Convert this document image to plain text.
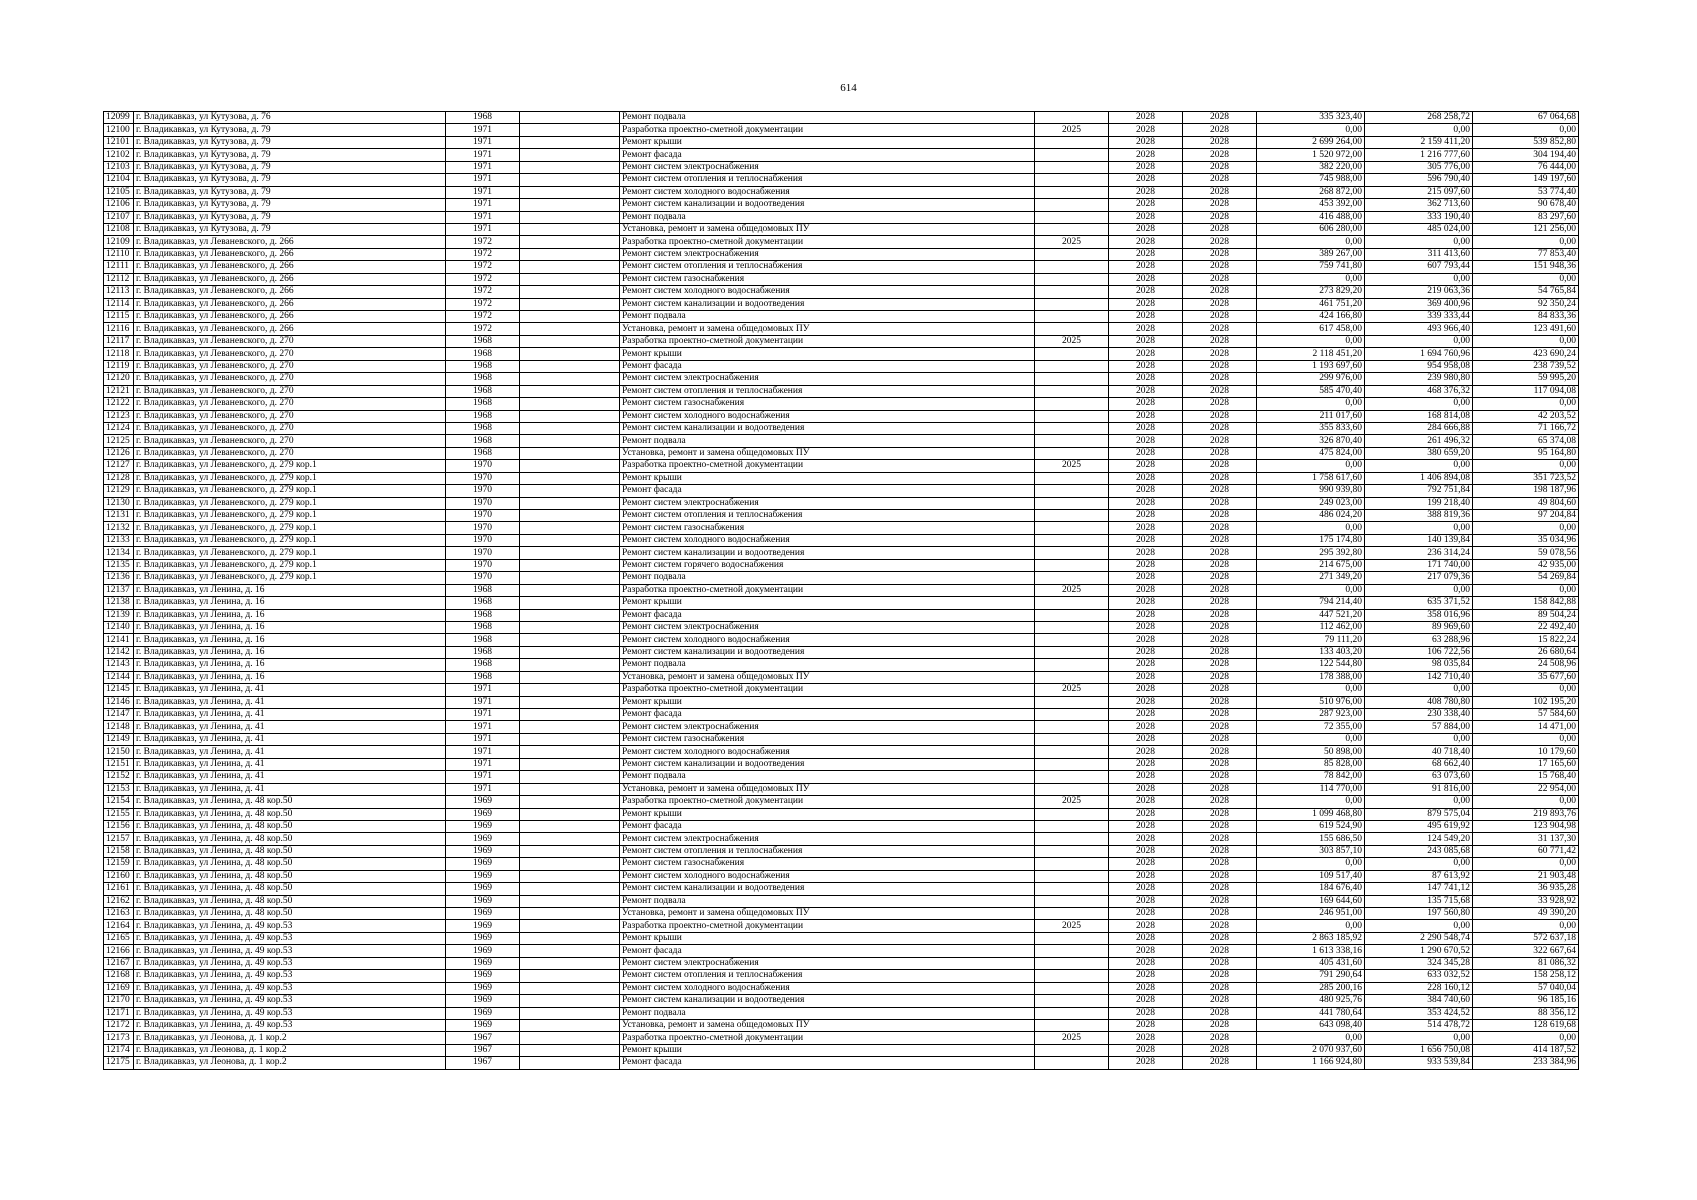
614
12099	г. Владикавказ, ул Кутузова, д. 76	1968		Ремонт подвала		2028	2028	335 323,40	268 258,72	67 064,68
12100	г. Владикавказ, ул Кутузова, д. 79	1971		Разработка проектно-сметной документации	2025	2028	2028	0,00	0,00	0,00
12101	г. Владикавказ, ул Кутузова, д. 79	1971		Ремонт крыши		2028	2028	2 699 264,00	2 159 411,20	539 852,80
12102	г. Владикавказ, ул Кутузова, д. 79	1971		Ремонт фасада		2028	2028	1 520 972,00	1 216 777,60	304 194,40
12103	г. Владикавказ, ул Кутузова, д. 79	1971		Ремонт систем электроснабжения		2028	2028	382 220,00	305 776,00	76 444,00
12104	г. Владикавказ, ул Кутузова, д. 79	1971		Ремонт систем отопления и теплоснабжения		2028	2028	745 988,00	596 790,40	149 197,60
12105	г. Владикавказ, ул Кутузова, д. 79	1971		Ремонт систем холодного водоснабжения		2028	2028	268 872,00	215 097,60	53 774,40
12106	г. Владикавказ, ул Кутузова, д. 79	1971		Ремонт систем канализации и водоотведения		2028	2028	453 392,00	362 713,60	90 678,40
12107	г. Владикавказ, ул Кутузова, д. 79	1971		Ремонт подвала		2028	2028	416 488,00	333 190,40	83 297,60
12108	г. Владикавказ, ул Кутузова, д. 79	1971		Установка, ремонт и замена общедомовых ПУ		2028	2028	606 280,00	485 024,00	121 256,00
12109	г. Владикавказ, ул Леваневского, д. 266	1972		Разработка проектно-сметной документации	2025	2028	2028	0,00	0,00	0,00
12110	г. Владикавказ, ул Леваневского, д. 266	1972		Ремонт систем электроснабжения		2028	2028	389 267,00	311 413,60	77 853,40
12111	г. Владикавказ, ул Леваневского, д. 266	1972		Ремонт систем отопления и теплоснабжения		2028	2028	759 741,80	607 793,44	151 948,36
12112	г. Владикавказ, ул Леваневского, д. 266	1972		Ремонт систем газоснабжения		2028	2028	0,00	0,00	0,00
12113	г. Владикавказ, ул Леваневского, д. 266	1972		Ремонт систем холодного водоснабжения		2028	2028	273 829,20	219 063,36	54 765,84
12114	г. Владикавказ, ул Леваневского, д. 266	1972		Ремонт систем канализации и водоотведения		2028	2028	461 751,20	369 400,96	92 350,24
12115	г. Владикавказ, ул Леваневского, д. 266	1972		Ремонт подвала		2028	2028	424 166,80	339 333,44	84 833,36
12116	г. Владикавказ, ул Леваневского, д. 266	1972		Установка, ремонт и замена общедомовых ПУ		2028	2028	617 458,00	493 966,40	123 491,60
12117	г. Владикавказ, ул Леваневского, д. 270	1968		Разработка проектно-сметной документации	2025	2028	2028	0,00	0,00	0,00
12118	г. Владикавказ, ул Леваневского, д. 270	1968		Ремонт крыши		2028	2028	2 118 451,20	1 694 760,96	423 690,24
12119	г. Владикавказ, ул Леваневского, д. 270	1968		Ремонт фасада		2028	2028	1 193 697,60	954 958,08	238 739,52
12120	г. Владикавказ, ул Леваневского, д. 270	1968		Ремонт систем электроснабжения		2028	2028	299 976,00	239 980,80	59 995,20
12121	г. Владикавказ, ул Леваневского, д. 270	1968		Ремонт систем отопления и теплоснабжения		2028	2028	585 470,40	468 376,32	117 094,08
12122	г. Владикавказ, ул Леваневского, д. 270	1968		Ремонт систем газоснабжения		2028	2028	0,00	0,00	0,00
12123	г. Владикавказ, ул Леваневского, д. 270	1968		Ремонт систем холодного водоснабжения		2028	2028	211 017,60	168 814,08	42 203,52
12124	г. Владикавказ, ул Леваневского, д. 270	1968		Ремонт систем канализации и водоотведения		2028	2028	355 833,60	284 666,88	71 166,72
12125	г. Владикавказ, ул Леваневского, д. 270	1968		Ремонт подвала		2028	2028	326 870,40	261 496,32	65 374,08
12126	г. Владикавказ, ул Леваневского, д. 270	1968		Установка, ремонт и замена общедомовых ПУ		2028	2028	475 824,00	380 659,20	95 164,80
12127	г. Владикавказ, ул Леваневского, д. 279 кор.1	1970		Разработка проектно-сметной документации	2025	2028	2028	0,00	0,00	0,00
12128	г. Владикавказ, ул Леваневского, д. 279 кор.1	1970		Ремонт крыши		2028	2028	1 758 617,60	1 406 894,08	351 723,52
12129	г. Владикавказ, ул Леваневского, д. 279 кор.1	1970		Ремонт фасада		2028	2028	990 939,80	792 751,84	198 187,96
12130	г. Владикавказ, ул Леваневского, д. 279 кор.1	1970		Ремонт систем электроснабжения		2028	2028	249 023,00	199 218,40	49 804,60
12131	г. Владикавказ, ул Леваневского, д. 279 кор.1	1970		Ремонт систем отопления и теплоснабжения		2028	2028	486 024,20	388 819,36	97 204,84
12132	г. Владикавказ, ул Леваневского, д. 279 кор.1	1970		Ремонт систем газоснабжения		2028	2028	0,00	0,00	0,00
12133	г. Владикавказ, ул Леваневского, д. 279 кор.1	1970		Ремонт систем холодного водоснабжения		2028	2028	175 174,80	140 139,84	35 034,96
12134	г. Владикавказ, ул Леваневского, д. 279 кор.1	1970		Ремонт систем канализации и водоотведения		2028	2028	295 392,80	236 314,24	59 078,56
12135	г. Владикавказ, ул Леваневского, д. 279 кор.1	1970		Ремонт систем горячего водоснабжения		2028	2028	214 675,00	171 740,00	42 935,00
12136	г. Владикавказ, ул Леваневского, д. 279 кор.1	1970		Ремонт подвала		2028	2028	271 349,20	217 079,36	54 269,84
12137	г. Владикавказ, ул Ленина, д. 16	1968		Разработка проектно-сметной документации	2025	2028	2028	0,00	0,00	0,00
12138	г. Владикавказ, ул Ленина, д. 16	1968		Ремонт крыши		2028	2028	794 214,40	635 371,52	158 842,88
12139	г. Владикавказ, ул Ленина, д. 16	1968		Ремонт фасада		2028	2028	447 521,20	358 016,96	89 504,24
12140	г. Владикавказ, ул Ленина, д. 16	1968		Ремонт систем электроснабжения		2028	2028	112 462,00	89 969,60	22 492,40
12141	г. Владикавказ, ул Ленина, д. 16	1968		Ремонт систем холодного водоснабжения		2028	2028	79 111,20	63 288,96	15 822,24
12142	г. Владикавказ, ул Ленина, д. 16	1968		Ремонт систем канализации и водоотведения		2028	2028	133 403,20	106 722,56	26 680,64
12143	г. Владикавказ, ул Ленина, д. 16	1968		Ремонт подвала		2028	2028	122 544,80	98 035,84	24 508,96
12144	г. Владикавказ, ул Ленина, д. 16	1968		Установка, ремонт и замена общедомовых ПУ		2028	2028	178 388,00	142 710,40	35 677,60
12145	г. Владикавказ, ул Ленина, д. 41	1971		Разработка проектно-сметной документации	2025	2028	2028	0,00	0,00	0,00
12146	г. Владикавказ, ул Ленина, д. 41	1971		Ремонт крыши		2028	2028	510 976,00	408 780,80	102 195,20
12147	г. Владикавказ, ул Ленина, д. 41	1971		Ремонт фасада		2028	2028	287 923,00	230 338,40	57 584,60
12148	г. Владикавказ, ул Ленина, д. 41	1971		Ремонт систем электроснабжения		2028	2028	72 355,00	57 884,00	14 471,00
12149	г. Владикавказ, ул Ленина, д. 41	1971		Ремонт систем газоснабжения		2028	2028	0,00	0,00	0,00
12150	г. Владикавказ, ул Ленина, д. 41	1971		Ремонт систем холодного водоснабжения		2028	2028	50 898,00	40 718,40	10 179,60
12151	г. Владикавказ, ул Ленина, д. 41	1971		Ремонт систем канализации и водоотведения		2028	2028	85 828,00	68 662,40	17 165,60
12152	г. Владикавказ, ул Ленина, д. 41	1971		Ремонт подвала		2028	2028	78 842,00	63 073,60	15 768,40
12153	г. Владикавказ, ул Ленина, д. 41	1971		Установка, ремонт и замена общедомовых ПУ		2028	2028	114 770,00	91 816,00	22 954,00
12154	г. Владикавказ, ул Ленина, д. 48 кор.50	1969		Разработка проектно-сметной документации	2025	2028	2028	0,00	0,00	0,00
12155	г. Владикавказ, ул Ленина, д. 48 кор.50	1969		Ремонт крыши		2028	2028	1 099 468,80	879 575,04	219 893,76
12156	г. Владикавказ, ул Ленина, д. 48 кор.50	1969		Ремонт фасада		2028	2028	619 524,90	495 619,92	123 904,98
12157	г. Владикавказ, ул Ленина, д. 48 кор.50	1969		Ремонт систем электроснабжения		2028	2028	155 686,50	124 549,20	31 137,30
12158	г. Владикавказ, ул Ленина, д. 48 кор.50	1969		Ремонт систем отопления и теплоснабжения		2028	2028	303 857,10	243 085,68	60 771,42
12159	г. Владикавказ, ул Ленина, д. 48 кор.50	1969		Ремонт систем газоснабжения		2028	2028	0,00	0,00	0,00
12160	г. Владикавказ, ул Ленина, д. 48 кор.50	1969		Ремонт систем холодного водоснабжения		2028	2028	109 517,40	87 613,92	21 903,48
12161	г. Владикавказ, ул Ленина, д. 48 кор.50	1969		Ремонт систем канализации и водоотведения		2028	2028	184 676,40	147 741,12	36 935,28
12162	г. Владикавказ, ул Ленина, д. 48 кор.50	1969		Ремонт подвала		2028	2028	169 644,60	135 715,68	33 928,92
12163	г. Владикавказ, ул Ленина, д. 48 кор.50	1969		Установка, ремонт и замена общедомовых ПУ		2028	2028	246 951,00	197 560,80	49 390,20
12164	г. Владикавказ, ул Ленина, д. 49 кор.53	1969		Разработка проектно-сметной документации	2025	2028	2028	0,00	0,00	0,00
12165	г. Владикавказ, ул Ленина, д. 49 кор.53	1969		Ремонт крыши		2028	2028	2 863 185,92	2 290 548,74	572 637,18
12166	г. Владикавказ, ул Ленина, д. 49 кор.53	1969		Ремонт фасада		2028	2028	1 613 338,16	1 290 670,52	322 667,64
12167	г. Владикавказ, ул Ленина, д. 49 кор.53	1969		Ремонт систем электроснабжения		2028	2028	405 431,60	324 345,28	81 086,32
12168	г. Владикавказ, ул Ленина, д. 49 кор.53	1969		Ремонт систем отопления и теплоснабжения		2028	2028	791 290,64	633 032,52	158 258,12
12169	г. Владикавказ, ул Ленина, д. 49 кор.53	1969		Ремонт систем холодного водоснабжения		2028	2028	285 200,16	228 160,12	57 040,04
12170	г. Владикавказ, ул Ленина, д. 49 кор.53	1969		Ремонт систем канализации и водоотведения		2028	2028	480 925,76	384 740,60	96 185,16
12171	г. Владикавказ, ул Ленина, д. 49 кор.53	1969		Ремонт подвала		2028	2028	441 780,64	353 424,52	88 356,12
12172	г. Владикавказ, ул Ленина, д. 49 кор.53	1969		Установка, ремонт и замена общедомовых ПУ		2028	2028	643 098,40	514 478,72	128 619,68
12173	г. Владикавказ, ул Леонова, д. 1 кор.2	1967		Разработка проектно-сметной документации	2025	2028	2028	0,00	0,00	0,00
12174	г. Владикавказ, ул Леонова, д. 1 кор.2	1967		Ремонт крыши		2028	2028	2 070 937,60	1 656 750,08	414 187,52
12175	г. Владикавказ, ул Леонова, д. 1 кор.2	1967		Ремонт фасада		2028	2028	1 166 924,80	933 539,84	233 384,96
